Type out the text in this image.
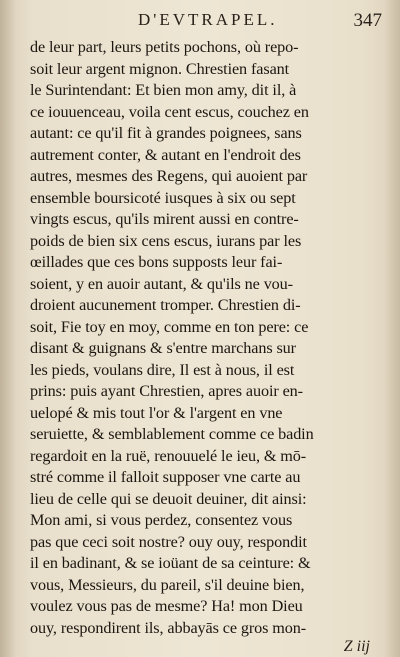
D'EVTRAPEL.	347
de leur part, leurs petits pochons, où repo-
soit leur argent mignon. Chrestien fasant
le Surintendant: Et bien mon amy, dit il, à
ce iouuenceau, voila cent escus, couchez en
autant: ce qu'il fit à grandes poignees, sans
autrement conter, & autant en l'endroit des
autres, mesmes des Regens, qui auoient par
ensemble boursicoté iusques à six ou sept
vingts escus, qu'ils mirent aussi en contre-
poids de bien six cens escus, iurans par les
œillades que ces bons supposts leur fai-
soient, y en auoir autant, & qu'ils ne vou-
droient aucunement tromper. Chrestien di-
soit, Fie toy en moy, comme en ton pere: ce
disant & guignans & s'entre marchans sur
les pieds, voulans dire, Il est à nous, il est
prins: puis ayant Chrestien, apres auoir en-
uelopé & mis tout l'or & l'argent en vne
seruiette, & semblablement comme ce badin
regardoit en la ruë, renouuelé le ieu, & mō-
stré comme il falloit supposer vne carte au
lieu de celle qui se deuoit deuiner, dit ainsi:
Mon ami, si vous perdez, consentez vous
pas que ceci soit nostre? ouy ouy, respondit
il en badinant, & se ioüant de sa ceinture: &
vous, Messieurs, du pareil, s'il deuine bien,
voulez vous pas de mesme? Ha! mon Dieu
ouy, respondirent ils, abbayās ce gros mon-
Z iij
